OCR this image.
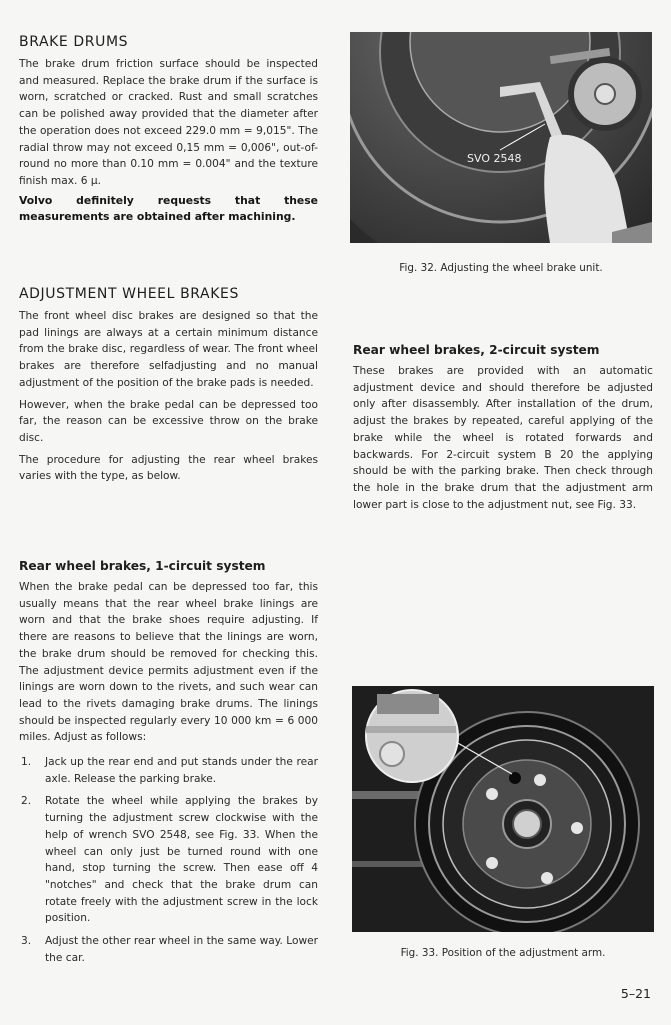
BRAKE DRUMS

The brake drum friction surface should be inspected and measured. Replace the brake drum if the surface is worn, scratched or cracked. Rust and small scratches can be polished away provided that the diameter after the operation does not exceed 229.0 mm = 9,015". The radial throw may not exceed 0,15 mm = 0,006", out-of-round no more than 0.10 mm = 0.004" and the texture finish max. 6 µ.

Volvo definitely requests that these measurements are obtained after machining.

ADJUSTMENT WHEEL BRAKES

The front wheel disc brakes are designed so that the pad linings are always at a certain minimum distance from the brake disc, regardless of wear. The front wheel brakes are therefore selfadjusting and no manual adjustment of the position of the brake pads is needed.

However, when the brake pedal can be depressed too far, the reason can be excessive throw on the brake disc.

The procedure for adjusting the rear wheel brakes varies with the type, as below.

Rear wheel brakes, 1-circuit system

When the brake pedal can be depressed too far, this usually means that the rear wheel brake linings are worn and that the brake shoes require adjusting. If there are reasons to believe that the linings are worn, the brake drum should be removed for checking this. The adjustment device permits adjustment even if the linings are worn down to the rivets, and such wear can lead to the rivets damaging brake drums. The linings should be inspected regularly every 10 000 km = 6 000 miles. Adjust as follows:

1. Jack up the rear end and put stands under the rear axle. Release the parking brake.
2. Rotate the wheel while applying the brakes by turning the adjustment screw clockwise with the help of wrench SVO 2548, see Fig. 33. When the wheel can only just be turned round with one hand, stop turning the screw. Then ease off 4 "notches" and check that the brake drum can rotate freely with the adjustment screw in the lock position.
3. Adjust the other rear wheel in the same way. Lower the car.
SVO 2548
Fig. 32. Adjusting the wheel brake unit.
Rear wheel brakes, 2-circuit system

These brakes are provided with an automatic adjustment device and should therefore be adjusted only after disassembly. After installation of the drum, adjust the brakes by repeated, careful applying of the brake while the wheel is rotated forwards and backwards. For 2-circuit system B 20 the applying should be with the parking brake. Then check through the hole in the brake drum that the adjustment arm lower part is close to the adjustment nut, see Fig. 33.

Fig. 33. Position of the adjustment arm.
5–21
